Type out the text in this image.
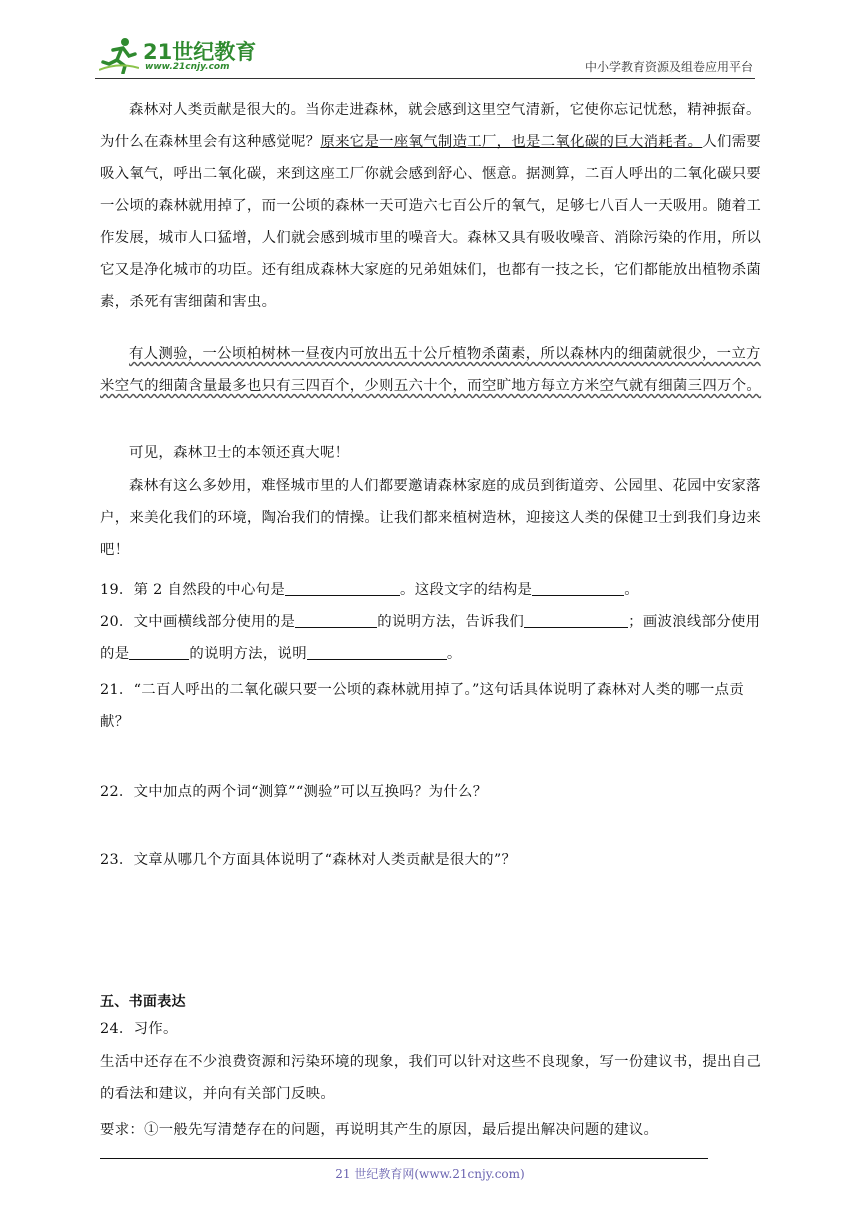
21世纪教育
www.21cnjy.com	中小学教育资源及组卷应用平台
森林对人类贡献是很大的。当你走进森林，就会感到这里空气清新，它使你忘记忧愁，精神振奋。为什么在森林里会有这种感觉呢？原来它是一座氧气制造工厂，也是二氧化碳的巨大消耗者。人们需要吸入氧气，呼出二氧化碳，来到这座工厂你就会感到舒心、惬意。据测算 ·，二百人呼出的二氧化碳只要一公顷的森林就用掉了，而一公顷的森林一天可造六七百公斤的氧气，足够七八百人一天吸用。随着工作发展，城市人口猛增，人们就会感到城市里的噪音大。森林又具有吸收噪音、消除污染的作用，所以它又是净化城市的功臣。还有组成森林大家庭的兄弟姐妹们，也都有一技之长，它们都能放出植物杀菌素，杀死有害细菌和害虫。
有人测验，一公顷柏树林一昼夜内可放出五十公斤植物杀菌素，所以森林内的细菌就很少，一立方米空气的细菌含量最多也只有三四百个，少则五六十个，而空旷地方每立方米空气就有细菌三四万个。
可见，森林卫士的本领还真大呢！
森林有这么多妙用，难怪城市里的人们都要邀请森林家庭的成员到街道旁、公园里、花园中安家落户，来美化我们的环境，陶冶我们的情操。让我们都来植树造林，迎接这人类的保健卫士到我们身边来吧！
19．第 2 自然段的中心句是	。这段文字的结构是	。
20．文中画横线部分使用的是	的说明方法，告诉我们	；画波浪线部分使用的是	的说明方法，说明	。
21．“二百人呼出的二氧化碳只要一公顷的森林就用掉了。”这句话具体说明了森林对人类的哪一点贡献？
22．文中加点的两个词“测算”“测验”可以互换吗？为什么？
23．文章从哪几个方面具体说明了“森林对人类贡献是很大的”？
五、书面表达
24．习作。
生活中还存在不少浪费资源和污染环境的现象，我们可以针对这些不良现象，写一份建议书，提出自己的看法和建议，并向有关部门反映。
要求：①一般先写清楚存在的问题，再说明其产生的原因，最后提出解决问题的建议。
21 世纪教育网(www.21cnjy.com)
